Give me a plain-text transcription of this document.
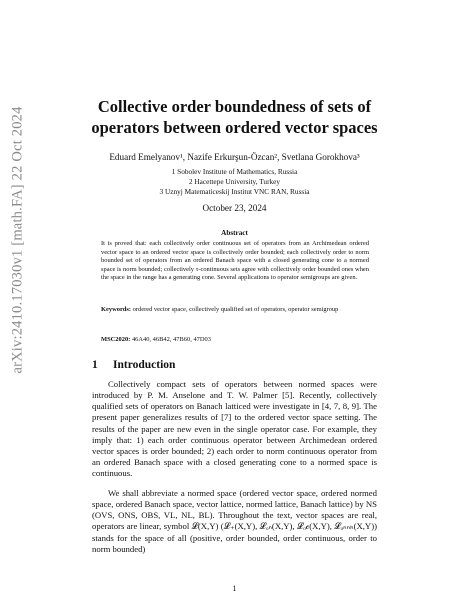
arXiv:2410.17030v1 [math.FA] 22 Oct 2024	Collective order boundedness of sets of
operators between ordered vector spaces
Eduard Emelyanov¹, Nazife Erkurşun-Özcan², Svetlana Gorokhova³
1 Sobolev Institute of Mathematics, Russia
2 Hacettepe University, Turkey
3 Uznyj Matematiceskij Institut VNC RAN, Russia
October 23, 2024
Abstract
It is proved that: each collectively order continuous set of operators from an Archimedean ordered vector space to an ordered vector space is collectively order bounded; each collectively order to norm bounded set of operators from an ordered Banach space with a closed generating cone to a normed space is norm bounded; collectively τ-continuous sets agree with collectively order bounded ones when the space in the range has a generating cone. Several applications to operator semigroups are given.
Keywords: ordered vector space, collectively qualified set of operators, operator semigroup
MSC2020: 46A40, 46B42, 47B60, 47D03
1 Introduction

Collectively compact sets of operators between normed spaces were introduced by P. M. Anselone and T. W. Palmer [5]. Recently, collectively qualified sets of operators on Banach latticed were investigate in [4, 7, 8, 9]. The present paper generalizes results of [7] to the ordered vector space setting. The results of the paper are new even in the single operator case. For example, they imply that: 1) each order continuous operator between Archimedean ordered vector spaces is order bounded; 2) each order to norm continuous operator from an ordered Banach space with a closed generating cone to a normed space is continuous.

We shall abbreviate a normed space (ordered vector space, ordered normed space, ordered Banach space, vector lattice, normed lattice, Banach lattice) by NS (OVS, ONS, OBS, VL, NL, BL). Throughout the text, vector spaces are real, operators are linear, symbol 𝓛(X,Y) (𝓛₊(X,Y), 𝓛ₒₙ(X,Y), 𝓛ₒ𝒸(X,Y), 𝓛ₒₙₙₕ(X,Y)) stands for the space of all (positive, order bounded, order continuous, order to norm bounded)

1
